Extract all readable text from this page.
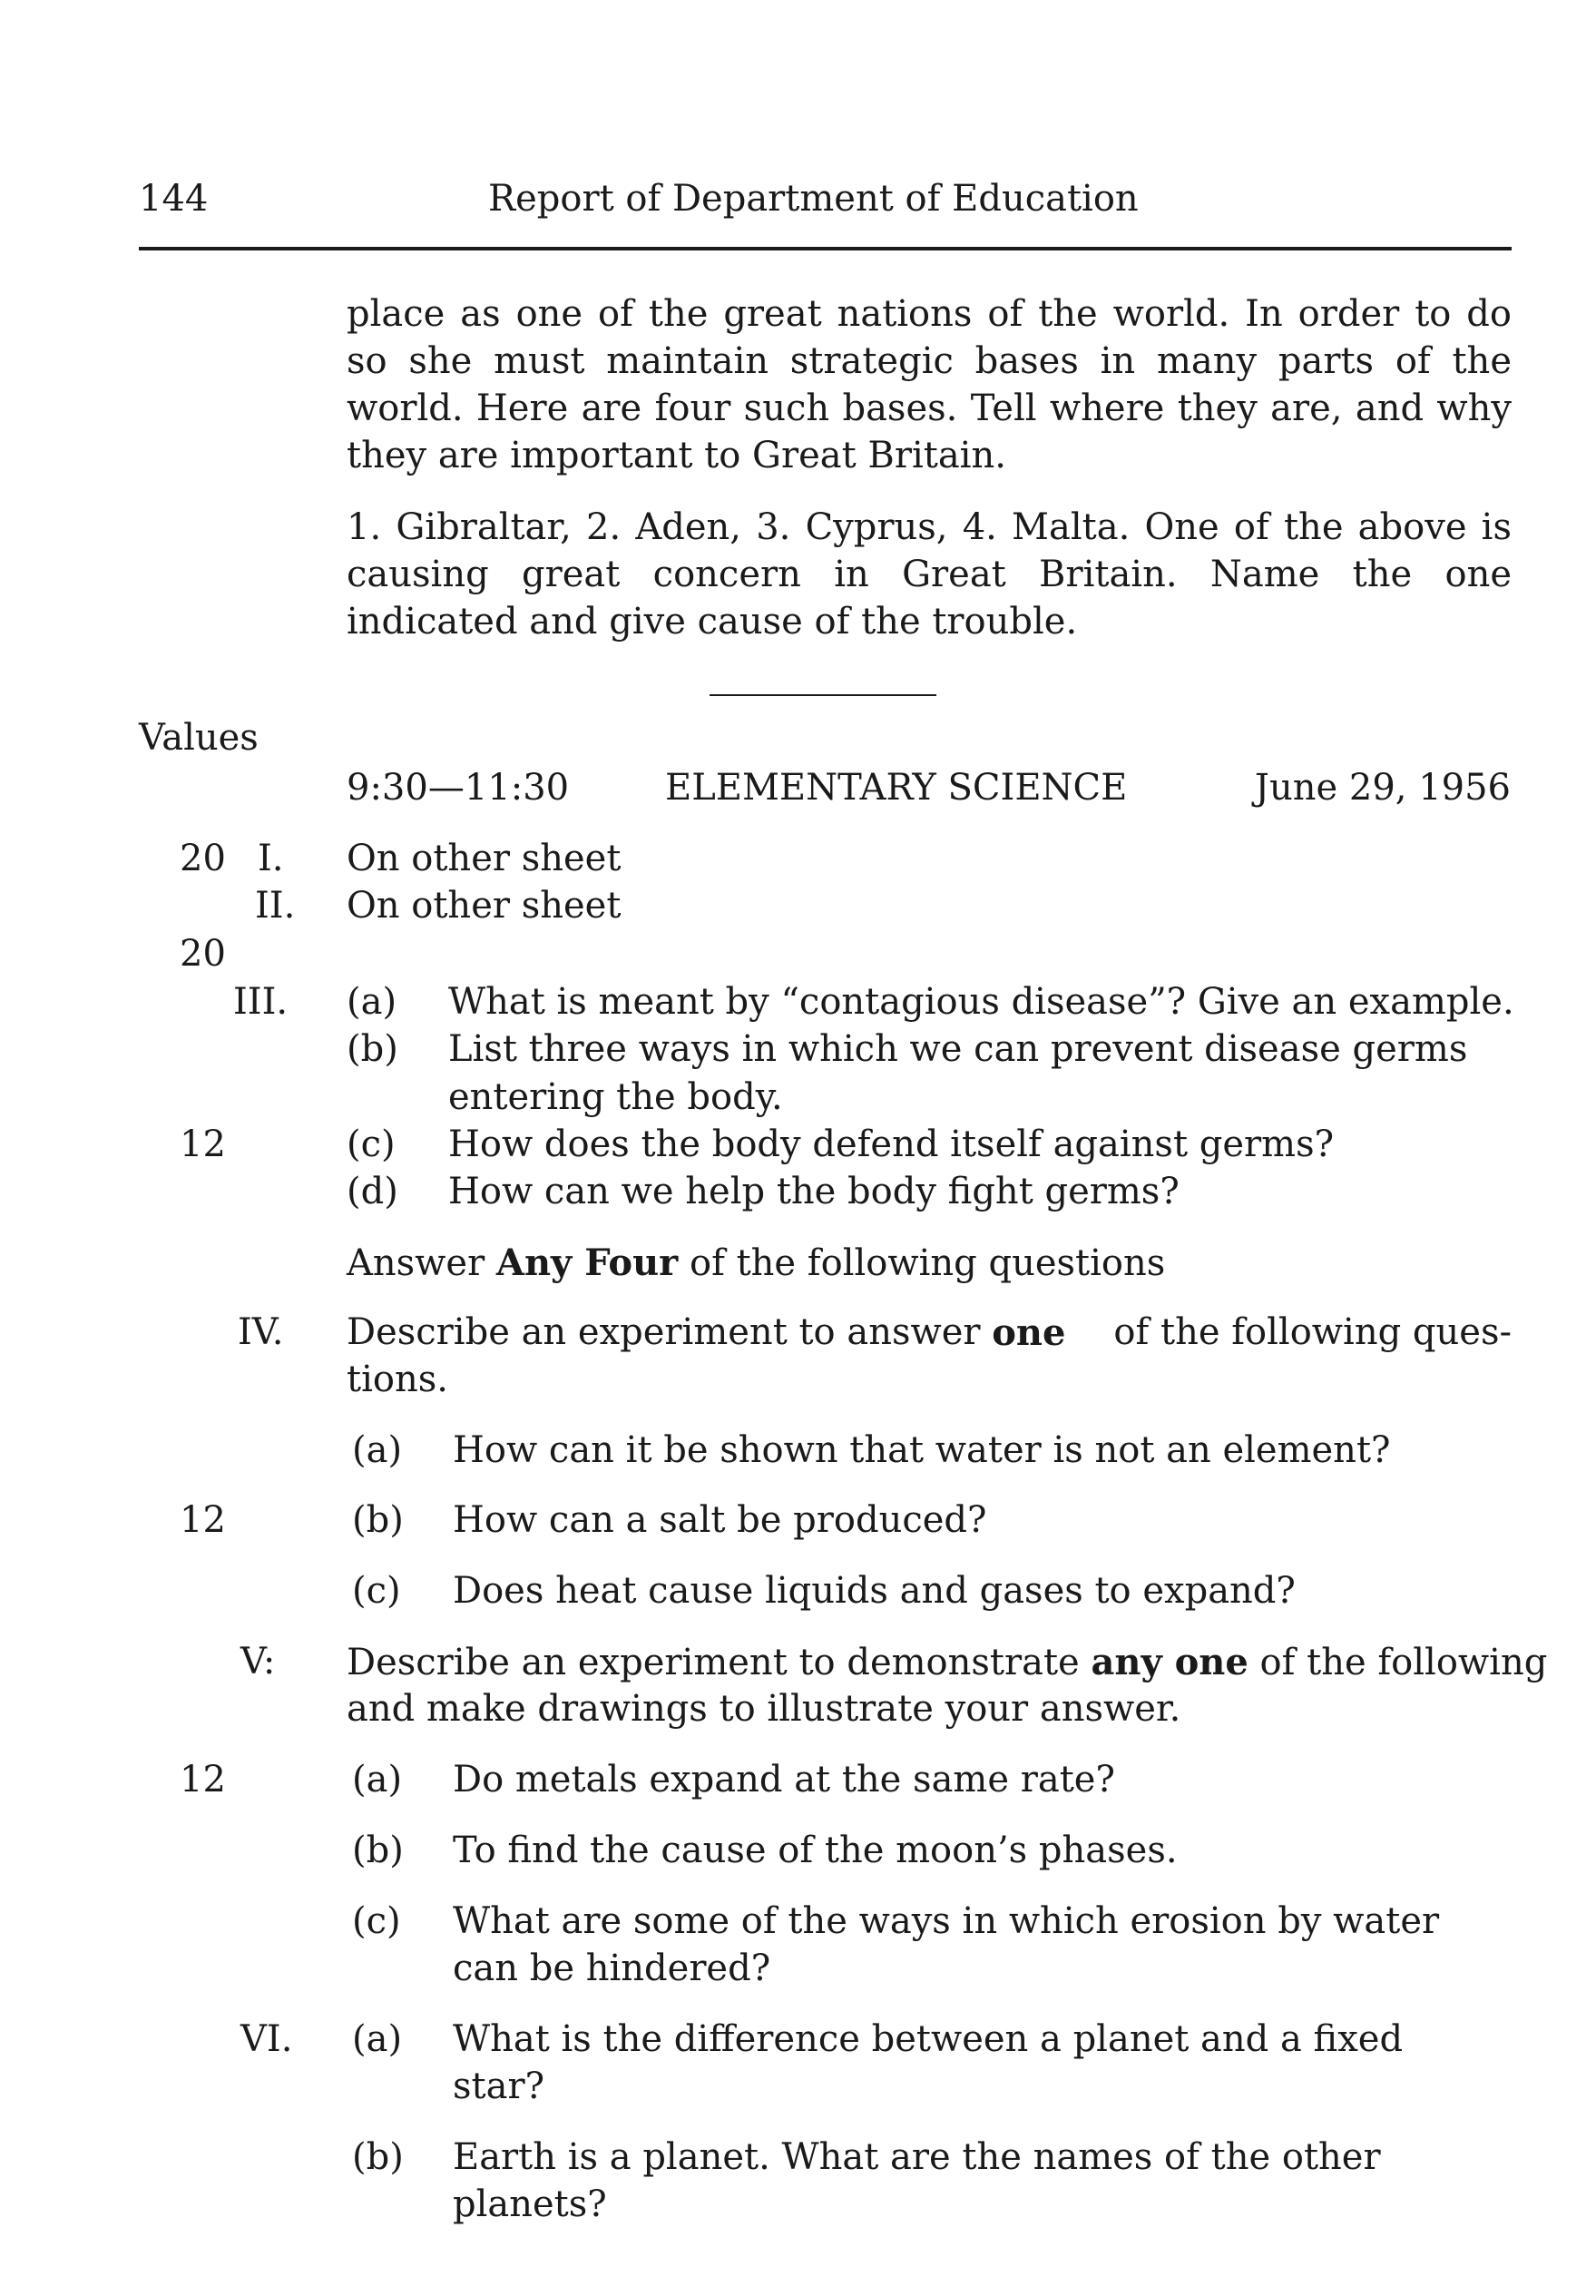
144	Report of Department of Education
place as one of the great nations of the world. In order to do so she must maintain strategic bases in many parts of the world. Here are four such bases. Tell where they are, and why they are important to Great Britain.
1. Gibraltar, 2. Aden, 3. Cyprus, 4. Malta. One of the above is causing great concern in Great Britain. Name the one indicated and give cause of the trouble.
Values
9:30—11:30	ELEMENTARY SCIENCE	June 29, 1956
20 I. On other sheet
II. On other sheet
20
III. (a) What is meant by “contagious disease”? Give an example.
(b) List three ways in which we can prevent disease germs
entering the body.
12	(c) How does the body defend itself against germs?
(d) How can we help the body fight germs?
Answer Any Four of the following questions
IV. Describe an experiment to answer one	of the following ques-
tions.
(a) How can it be shown that water is not an element?
12	(b) How can a salt be produced?
(c) Does heat cause liquids and gases to expand?
V: Describe an experiment to demonstrate any one of the following
and make drawings to illustrate your answer.
12	(a) Do metals expand at the same rate?
(b) To find the cause of the moon’s phases.
(c) What are some of the ways in which erosion by water
can be hindered?
VI. (a) What is the difference between a planet and a fixed
star?
(b) Earth is a planet. What are the names of the other
planets?
